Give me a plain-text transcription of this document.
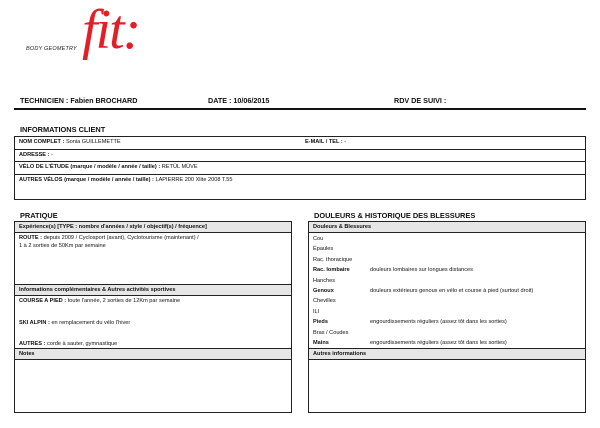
BODY GEOMETRY fit:
TECHNICIEN : Fabien BROCHARD	DATE : 10/06/2015	RDV DE SUIVI :
INFORMATIONS CLIENT
NOM COMPLET : Sonia GUILLEMETTE	E-MAIL / TEL : -
ADRESSE : -
VÉLO DE L'ÉTUDE (marque / modèle / année / taille) : RETÜL MÜVE
AUTRES VÉLOS (marque / modèle / année / taille) : LAPIERRE 200 Xlite 2008 T.55
PRATIQUE
Expérience(s) [TYPE : nombre d'années / style / objectif(s) / fréquence]
ROUTE : depuis 2009 / Cyclosport (avant), Cyclotourisme (maintenant) /
1 à 2 sorties de 50Km par semaine
Informations complémentaires & Autres activités sportives
COURSE A PIED : toute l'année, 2 sorties de 12Km par semaine
SKI ALPIN : en remplacement du vélo l'hiver
AUTRES : corde à sauter, gymnastique
Notes
DOULEURS & HISTORIQUE DES BLESSURES
Douleurs & Blessures
Cou
Épaules
Rac. thoracique
Rac. lombaire	douleurs lombaires sur longues distances
Hanches
Genoux	douleurs extérieurs genoux en vélo et course à pied (surtout droit)
Chevilles
ILI
Pieds	engourdissements réguliers (assez tôt dans les sorties)
Bras / Coudes
Mains	engourdissements réguliers (assez tôt dans les sorties)
Autres informations
